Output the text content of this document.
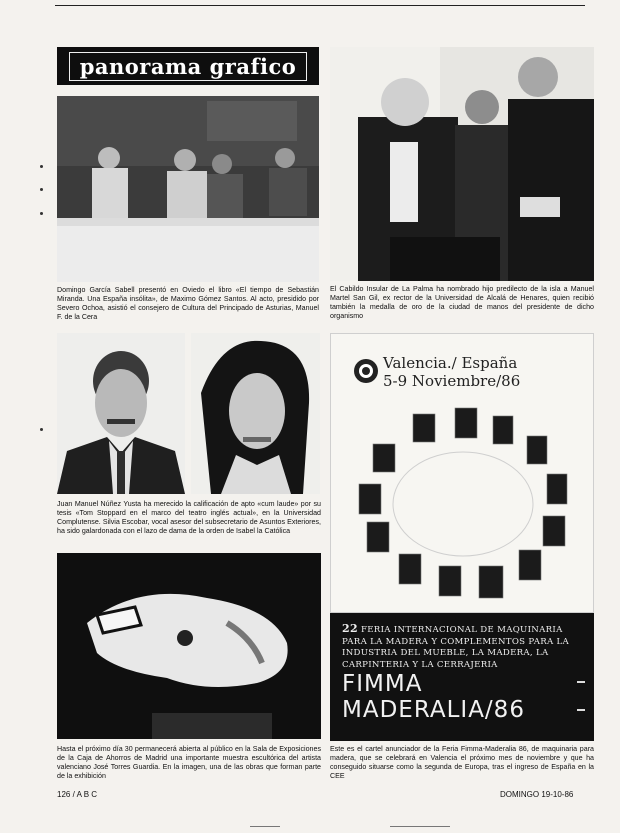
panorama grafico
Domingo García Sabell presentó en Oviedo el libro «El tiempo de Sebastián Miranda. Una España insólita», de Maximo Gómez Santos. Al acto, presidido por Severo Ochoa, asistió el consejero de Cultura del Principado de Asturias, Manuel F. de la Cera
El Cabildo Insular de La Palma ha nombrado hijo predilecto de la isla a Manuel Martel San Gil, ex rector de la Universidad de Alcalá de Henares, quien recibió también la medalla de oro de la ciudad de manos del presidente de dicho organismo
Juan Manuel Núñez Yusta ha merecido la calificación de apto «cum laude» por su tesis «Tom Stoppard en el marco del teatro inglés actual», en la Universidad Complutense. Silvia Escobar, vocal asesor del subsecretario de Asuntos Exteriores, ha sido galardonada con el lazo de dama de la orden de Isabel la Católica
Hasta el próximo día 30 permanecerá abierta al público en la Sala de Exposiciones de la Caja de Ahorros de Madrid una importante muestra escultórica del artista valenciano José Torres Guardia. En la imagen, una de las obras que forman parte de la exhibición
Valencia./ España
5-9 Noviembre/86
22 FERIA INTERNACIONAL DE MAQUINARIA PARA LA MADERA Y COMPLEMENTOS PARA LA INDUSTRIA DEL MUEBLE, LA MADERA, LA CARPINTERIA Y LA CERRAJERIA
FIMMA
MADERALIA/86
Este es el cartel anunciador de la Feria Fimma-Maderalia 86, de maquinaria para madera, que se celebrará en Valencia el próximo mes de noviembre y que ha conseguido situarse como la segunda de Europa, tras el ingreso de España en la CEE
126 / A B C	DOMINGO 19-10-86
